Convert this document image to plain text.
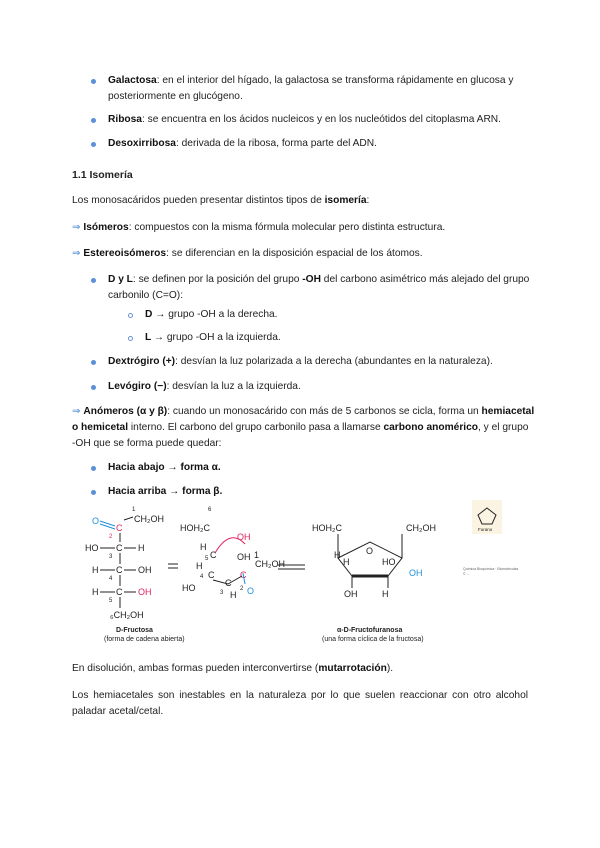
Galactosa: en el interior del hígado, la galactosa se transforma rápidamente en glucosa y
posteriormente en glucógeno.
Ribosa: se encuentra en los ácidos nucleicos y en los nucleótidos del citoplasma ARN.
Desoxirribosa: derivada de la ribosa, forma parte del ADN.
1.1 Isomería
Los monosacáridos pueden presentar distintos tipos de isomería:
⇒ Isómeros: compuestos con la misma fórmula molecular pero distinta estructura.
⇒ Estereoisómeros: se diferencian en la disposición espacial de los átomos.
D y L: se definen por la posición del grupo -OH del carbono asimétrico más alejado del grupo
carbonilo (C=O):
D → grupo -OH a la derecha.
L → grupo -OH a la izquierda.
Dextrógiro (+): desvían la luz polarizada a la derecha (abundantes en la naturaleza).
Levógiro (−): desvían la luz a la izquierda.
⇒ Anómeros (α y β): cuando un monosacárido con más de 5 carbonos se cicla, forma un hemiacetal
o hemicetal interno. El carbono del grupo carbonilo pasa a llamarse carbono anomérico, y el grupo
-OH que se forma puede quedar:
Hacia abajo → forma α.
Hacia arriba → forma β.
1
CH₂OH
O
C
2
HO C H
3
H C OH
4
H C OH
5
₆CH₂OH
D-Fructosa
(forma de cadena abierta)
6
HOH₂C
H
5 C
OH
OH
H
4 C
HO	C
3 H
1
CH₂OH
C
2 O
HOH₂C	CH₂OH
O
H
H	HO
OH
OH	H
α-D-Fructofuranosa
(una forma cíclica de la fructosa)
Furano
Química Bioquímica · Biomoléculas
© ...
En disolución, ambas formas pueden interconvertirse (mutarrotación).
Los hemiacetales son inestables en la naturaleza por lo que suelen reaccionar con otro alcohol paladar acetal/cetal.
